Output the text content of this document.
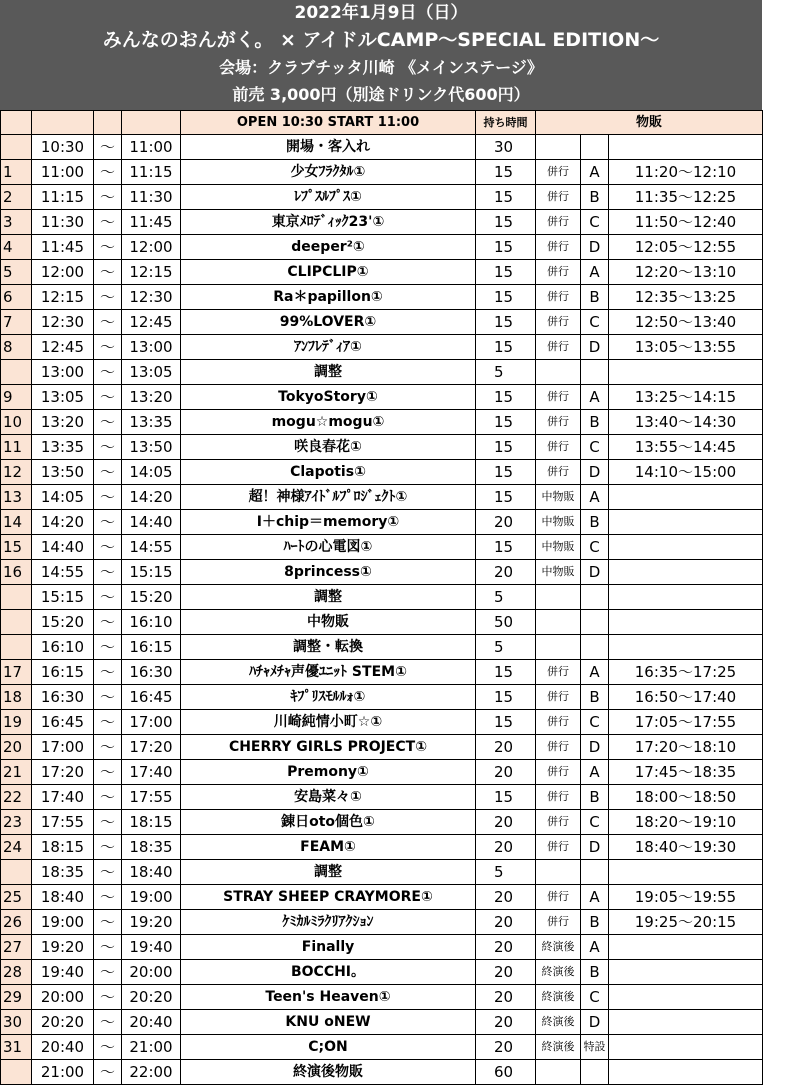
2022年1月9日（日）
みんなのおんがく。 × アイドルCAMP～SPECIAL EDITION～
会場：クラブチッタ川崎 《メインステージ》
前売 3,000円（別途ドリンク代600円）
				OPEN 10:30 START 11:00	持ち時間	物販		
	10:30	～	11:00	開場・客入れ	30			
1	11:00	～	11:15	少女ﾌﾗｸﾀﾙ①	15	併行	A	11:20～12:10
2	11:15	～	11:30	ﾚﾌﾟｽﾙﾌﾟｽ①	15	併行	B	11:35～12:25
3	11:30	～	11:45	東京ﾒﾛﾃﾞｨｯｸ23'①	15	併行	C	11:50～12:40
4	11:45	～	12:00	deeper²①	15	併行	D	12:05～12:55
5	12:00	～	12:15	CLIPCLIP①	15	併行	A	12:20～13:10
6	12:15	～	12:30	Ra＊papillon①	15	併行	B	12:35～13:25
7	12:30	～	12:45	99%LOVER①	15	併行	C	12:50～13:40
8	12:45	～	13:00	ｱﾝﾌﾚﾃﾞｨｱ①	15	併行	D	13:05～13:55
	13:00	～	13:05	調整	5			
9	13:05	～	13:20	TokyoStory①	15	併行	A	13:25～14:15
10	13:20	～	13:35	mogu☆mogu①	15	併行	B	13:40～14:30
11	13:35	～	13:50	咲良春花①	15	併行	C	13:55～14:45
12	13:50	～	14:05	Clapotis①	15	併行	D	14:10～15:00
13	14:05	～	14:20	超！神様ｱｲﾄﾞﾙﾌﾟﾛｼﾞｪｸﾄ①	15	中物販	A	
14	14:20	～	14:40	I＋chip＝memory①	20	中物販	B	
15	14:40	～	14:55	ﾊｰﾄの心電図①	15	中物販	C	
16	14:55	～	15:15	8princess①	20	中物販	D	
	15:15	～	15:20	調整	5			
	15:20	～	16:10	中物販	50			
	16:10	～	16:15	調整・転換	5			
17	16:15	～	16:30	ﾊﾁｬﾒﾁｬ声優ﾕﾆｯﾄ STEM①	15	併行	A	16:35～17:25
18	16:30	～	16:45	ｷﾌﾟﾘｽﾓﾙﾙｫ①	15	併行	B	16:50～17:40
19	16:45	～	17:00	川崎純情小町☆①	15	併行	C	17:05～17:55
20	17:00	～	17:20	CHERRY GIRLS PROJECT①	20	併行	D	17:20～18:10
21	17:20	～	17:40	Premony①	20	併行	A	17:45～18:35
22	17:40	～	17:55	安島菜々①	15	併行	B	18:00～18:50
23	17:55	～	18:15	錬日oto個色①	20	併行	C	18:20～19:10
24	18:15	～	18:35	FEAM①	20	併行	D	18:40～19:30
	18:35	～	18:40	調整	5			
25	18:40	～	19:00	STRAY SHEEP CRAYMORE①	20	併行	A	19:05～19:55
26	19:00	～	19:20	ｹﾐｶﾙﾐﾗｸﾘｱｸｼｮﾝ	20	併行	B	19:25～20:15
27	19:20	～	19:40	Finally	20	終演後	A	
28	19:40	～	20:00	BOCCHI。	20	終演後	B	
29	20:00	～	20:20	Teen's Heaven①	20	終演後	C	
30	20:20	～	20:40	KNU oNEW	20	終演後	D	
31	20:40	～	21:00	C;ON	20	終演後	特設	
	21:00	～	22:00	終演後物販	60			
